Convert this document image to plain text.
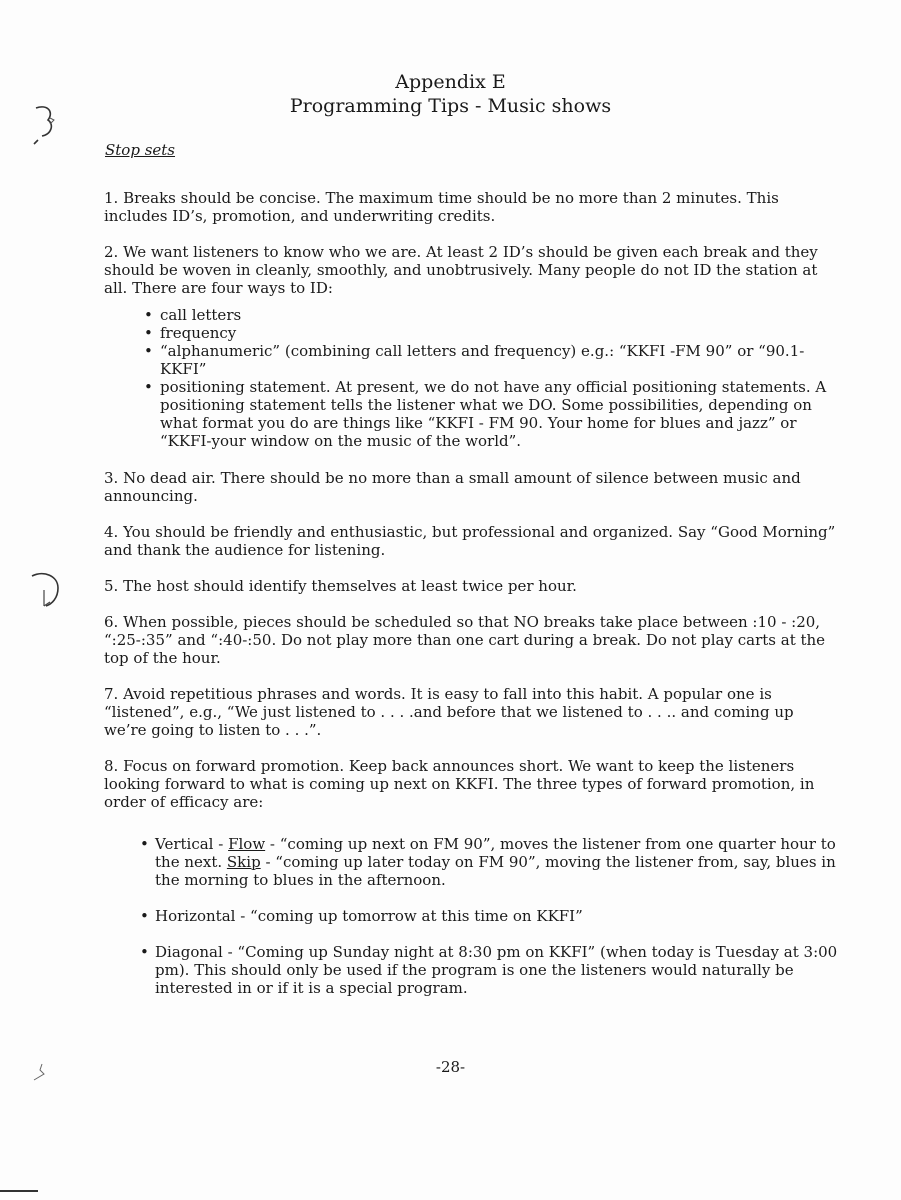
Appendix E
Programming Tips - Music shows
Stop sets

1. Breaks should be concise. The maximum time should be no more than 2 minutes. This includes ID’s, promotion, and underwriting credits.

2. We want listeners to know who we are. At least 2 ID’s should be given each break and they should be woven in cleanly, smoothly, and unobtrusively. Many people do not ID the station at all. There are four ways to ID:

• call letters
• frequency
• “alphanumeric” (combining call letters and frequency) e.g.: “KKFI -FM 90” or “90.1-KKFI”
• positioning statement. At present, we do not have any official positioning statements. A positioning statement tells the listener what we DO. Some possibilities, depending on what format you do are things like “KKFI - FM 90. Your home for blues and jazz” or “KKFI-your window on the music of the world”.

3. No dead air. There should be no more than a small amount of silence between music and announcing.

4. You should be friendly and enthusiastic, but professional and organized. Say “Good Morning” and thank the audience for listening.

5. The host should identify themselves at least twice per hour.

6. When possible, pieces should be scheduled so that NO breaks take place between :10 - :20, “:25-:35” and “:40-:50. Do not play more than one cart during a break. Do not play carts at the top of the hour.

7. Avoid repetitious phrases and words. It is easy to fall into this habit. A popular one is “listened”, e.g., “We just listened to . . . .and before that we listened to . . .. and coming up we’re going to listen to . . .”.

8. Focus on forward promotion. Keep back announces short. We want to keep the listeners looking forward to what is coming up next on KKFI. The three types of forward promotion, in order of efficacy are:

• Vertical - Flow - “coming up next on FM 90”, moves the listener from one quarter hour to the next. Skip - “coming up later today on FM 90”, moving the listener from, say, blues in the morning to blues in the afternoon.
• Horizontal - “coming up tomorrow at this time on KKFI”
• Diagonal - “Coming up Sunday night at 8:30 pm on KKFI” (when today is Tuesday at 3:00 pm). This should only be used if the program is one the listeners would naturally be interested in or if it is a special program.
-28-
